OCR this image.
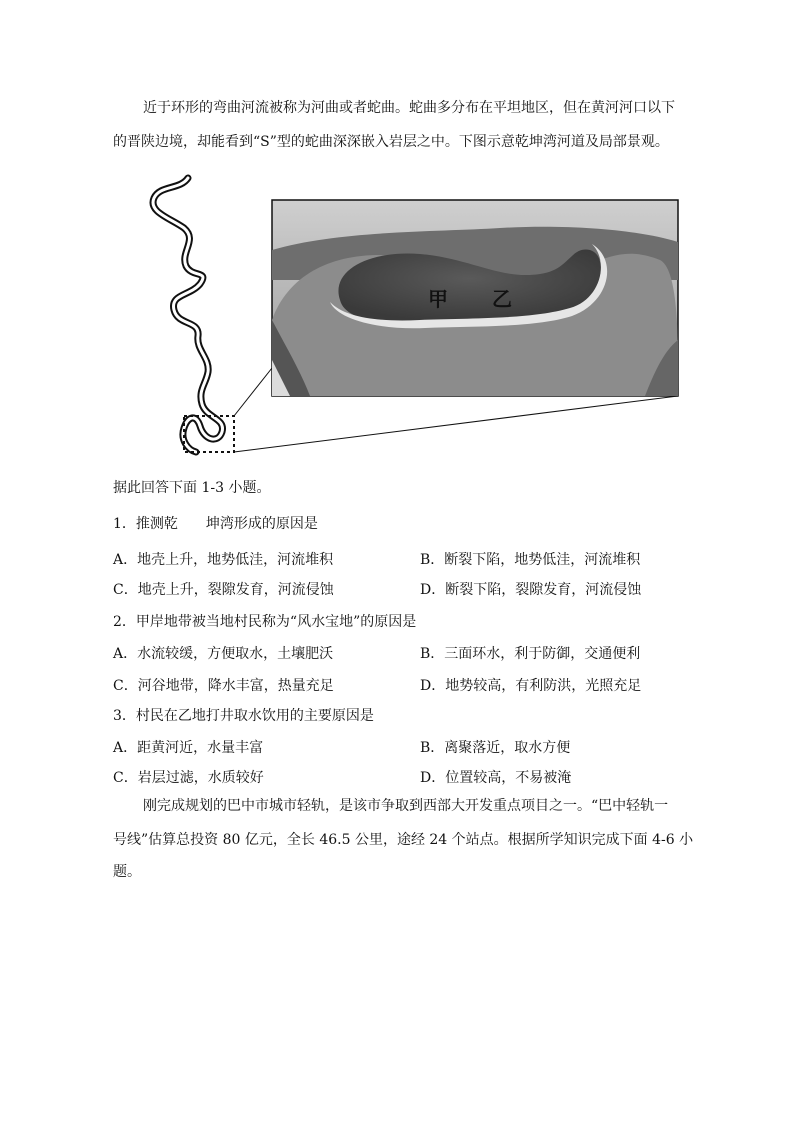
近于环形的弯曲河流被称为河曲或者蛇曲。蛇曲多分布在平坦地区，但在黄河河口以下
的晋陕边境，却能看到“S”型的蛇曲深深嵌入岩层之中。下图示意乾坤湾河道及局部景观。
甲 乙
据此回答下面 1-3 小题。
1．推测乾　　坤湾形成的原因是
A．地壳上升，地势低洼，河流堆积	B．断裂下陷，地势低洼，河流堆积
C．地壳上升，裂隙发育，河流侵蚀	D．断裂下陷，裂隙发育，河流侵蚀
2．甲岸地带被当地村民称为“风水宝地”的原因是
A．水流较缓，方便取水，土壤肥沃	B．三面环水，利于防御，交通便利
C．河谷地带，降水丰富，热量充足	D．地势较高，有利防洪，光照充足
3．村民在乙地打井取水饮用的主要原因是
A．距黄河近，水量丰富	B．离聚落近，取水方便
C．岩层过滤，水质较好	D．位置较高，不易被淹
刚完成规划的巴中市城市轻轨，是该市争取到西部大开发重点项目之一。“巴中轻轨一
号线”估算总投资 80 亿元，全长 46.5 公里，途经 24 个站点。根据所学知识完成下面 4-6 小
题。
